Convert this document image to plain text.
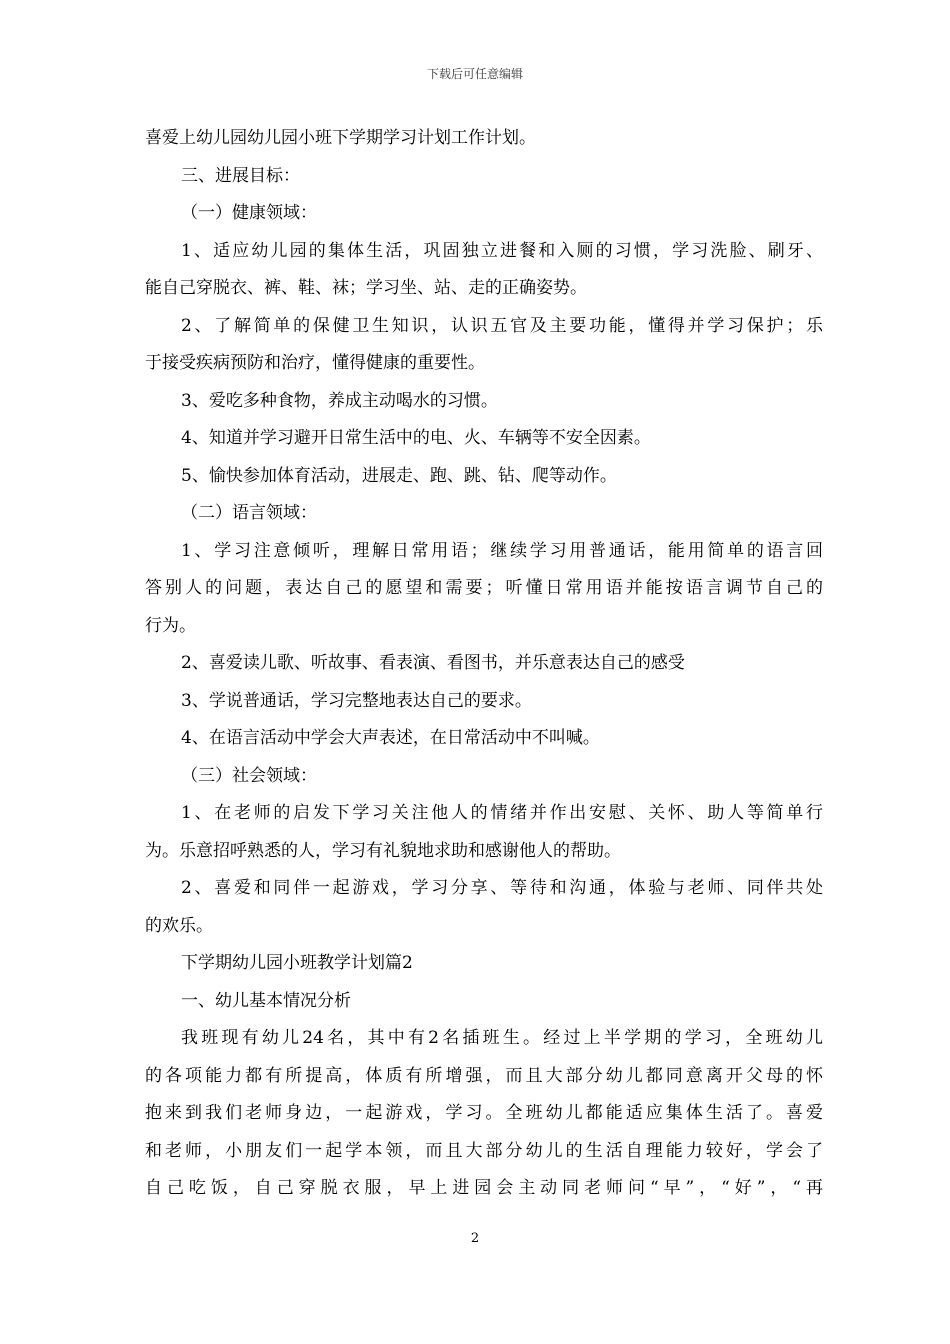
下载后可任意编辑
喜爱上幼儿园幼儿园小班下学期学习计划工作计划。
三、进展目标：
（一）健康领域：
1、适应幼儿园的集体生活，巩固独立进餐和入厕的习惯，学习洗脸、刷牙、
能自己穿脱衣、裤、鞋、袜；学习坐、站、走的正确姿势。
2、了解简单的保健卫生知识，认识五官及主要功能，懂得并学习保护；乐
于接受疾病预防和治疗，懂得健康的重要性。
3、爱吃多种食物，养成主动喝水的习惯。
4、知道并学习避开日常生活中的电、火、车辆等不安全因素。
5、愉快参加体育活动，进展走、跑、跳、钻、爬等动作。
（二）语言领域：
1、学习注意倾听，理解日常用语；继续学习用普通话，能用简单的语言回
答别人的问题，表达自己的愿望和需要；听懂日常用语并能按语言调节自己的
行为。
2、喜爱读儿歌、听故事、看表演、看图书，并乐意表达自己的感受
3、学说普通话，学习完整地表达自己的要求。
4、在语言活动中学会大声表述，在日常活动中不叫喊。
（三）社会领域：
1、在老师的启发下学习关注他人的情绪并作出安慰、关怀、助人等简单行
为。乐意招呼熟悉的人，学习有礼貌地求助和感谢他人的帮助。
2、喜爱和同伴一起游戏，学习分享、等待和沟通，体验与老师、同伴共处
的欢乐。
下学期幼儿园小班教学计划篇2
一、幼儿基本情况分析
我班现有幼儿24名，其中有2名插班生。经过上半学期的学习，全班幼儿
的各项能力都有所提高，体质有所增强，而且大部分幼儿都同意离开父母的怀
抱来到我们老师身边，一起游戏，学习。全班幼儿都能适应集体生活了。喜爱
和老师，小朋友们一起学本领，而且大部分幼儿的生活自理能力较好，学会了
自己吃饭，自己穿脱衣服，早上进园会主动同老师问“早”，“好”，“再
2
